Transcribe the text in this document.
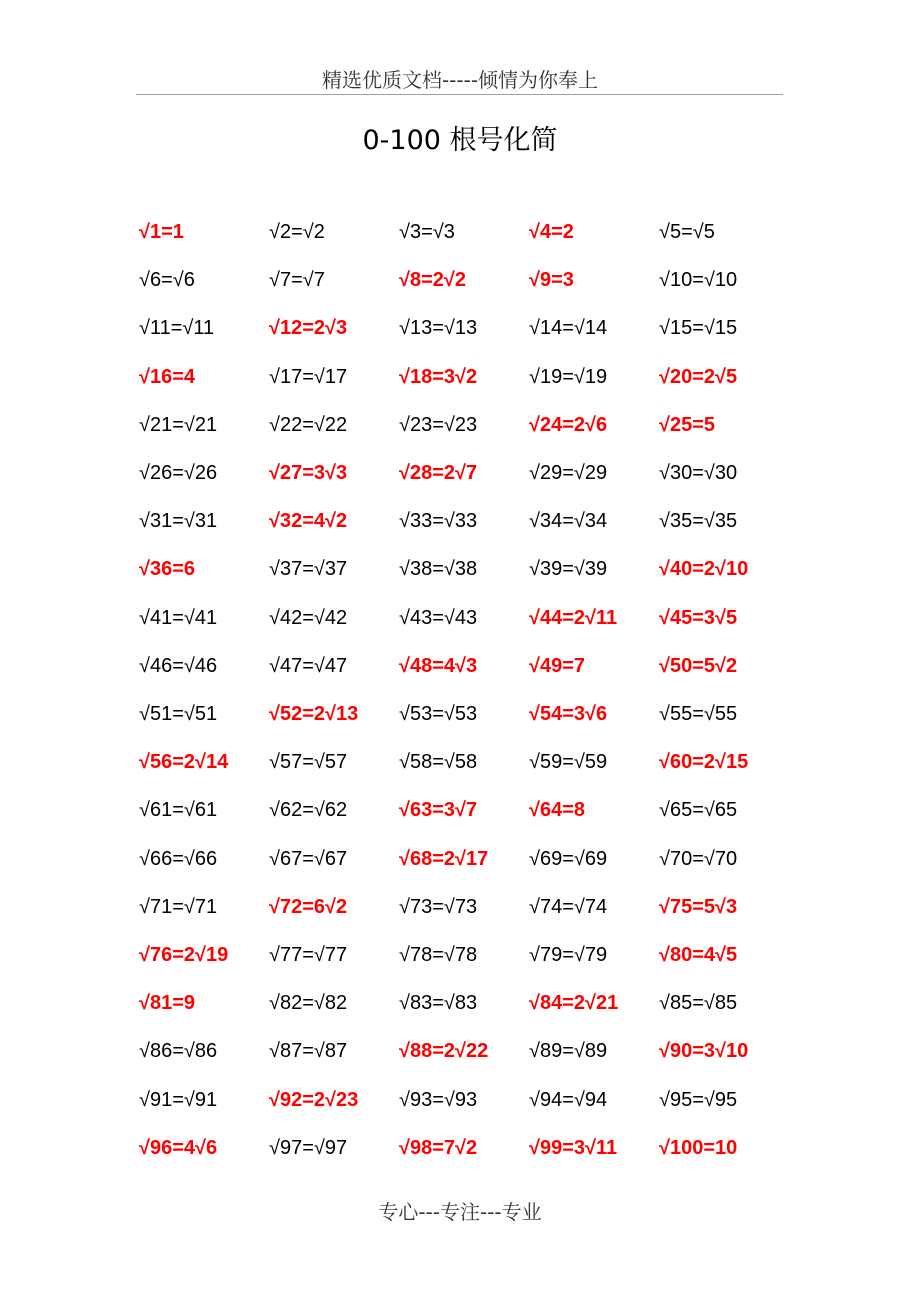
精选优质文档-----倾情为你奉上
0-100 根号化简
√1=1	√2=√2	√3=√3	√4=2	√5=√5
√6=√6	√7=√7	√8=2√2	√9=3	√10=√10
√11=√11	√12=2√3	√13=√13	√14=√14	√15=√15
√16=4	√17=√17	√18=3√2	√19=√19	√20=2√5
√21=√21	√22=√22	√23=√23	√24=2√6	√25=5
√26=√26	√27=3√3	√28=2√7	√29=√29	√30=√30
√31=√31	√32=4√2	√33=√33	√34=√34	√35=√35
√36=6	√37=√37	√38=√38	√39=√39	√40=2√10
√41=√41	√42=√42	√43=√43	√44=2√11 √45=3√5
√46=√46	√47=√47	√48=4√3	√49=7	√50=5√2
√51=√51	√52=2√13 √53=√53	√54=3√6	√55=√55
√56=2√14 √57=√57	√58=√58	√59=√59	√60=2√15
√61=√61	√62=√62	√63=3√7	√64=8	√65=√65
√66=√66	√67=√67	√68=2√17 √69=√69	√70=√70
√71=√71	√72=6√2	√73=√73	√74=√74	√75=5√3
√76=2√19 √77=√77	√78=√78	√79=√79	√80=4√5
√81=9	√82=√82	√83=√83	√84=2√21 √85=√85
√86=√86	√87=√87	√88=2√22 √89=√89	√90=3√10
√91=√91	√92=2√23 √93=√93	√94=√94	√95=√95
√96=4√6	√97=√97	√98=7√2	√99=3√11 √100=10
专心---专注---专业
